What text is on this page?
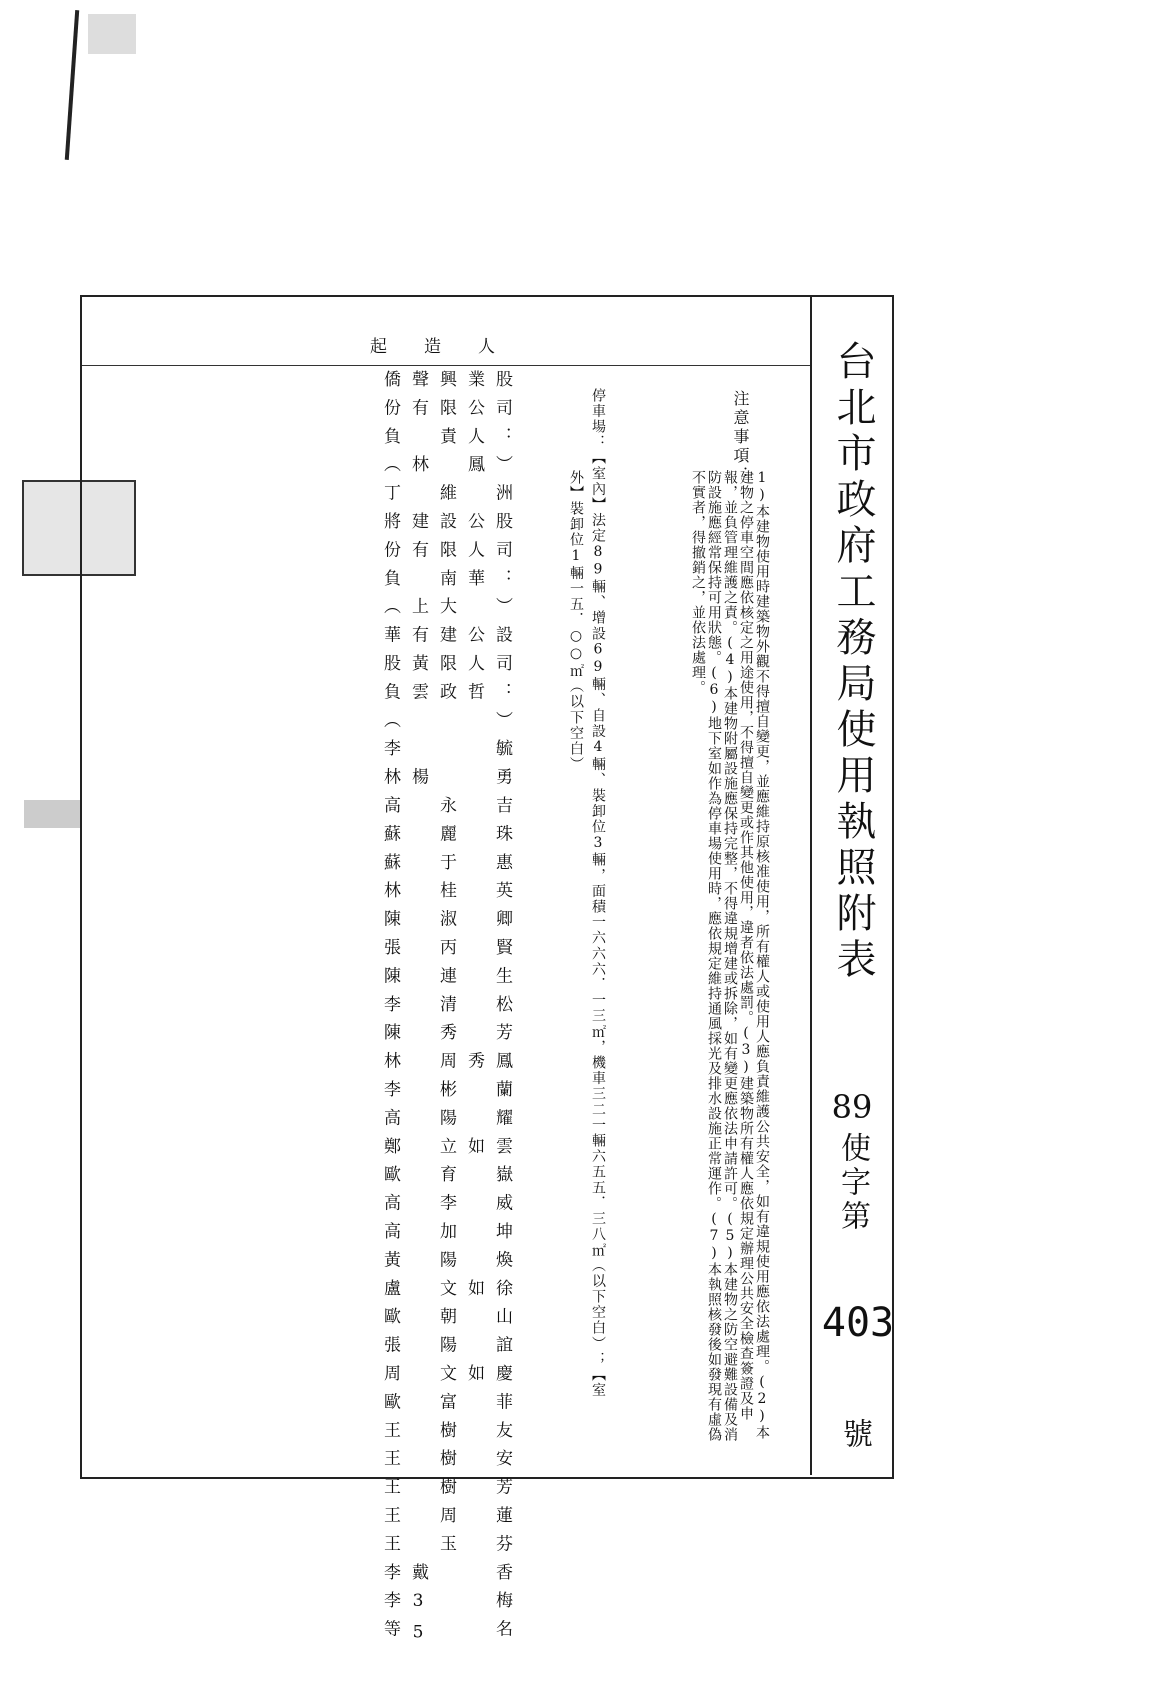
台北市政府工務局使用執照附表
89
使字第
403
號
注意事項：
1)本建物使用時建築物外觀不得擅自變更，並應維持原核准使用，所有權人或使用人應負責維護公共安全，如有違規使用應依法處理。(2)本建物之停車空間應依核定之用途使用，不得擅自變更或作其他使用，違者依法處罰。(3)建築物所有權人應依規定辦理公共安全檢查簽證及申報，並負管理維護之責。(4)本建物附屬設施應保持完整，不得違規增建或拆除，如有變更應依法申請許可。(5)本建物之防空避難設備及消防設施應經常保持可用狀態。(6)地下室如作為停車場使用時，應依規定維持通風採光及排水設施正常運作。(7)本執照核發後如發現有虛偽不實者，得撤銷之，並依法處理。
停車場：【室內】法定89輛、增設69輛、自設4輛、裝卸位3輛，面積一六六六．一三㎡，機車三二一輛六五五．三八㎡（以下空白）；【室
外】裝卸位1輛一五．○○㎡（以下空白）
起　造　人
股司：）洲股司：）設司：）毓勇吉珠惠英卿賢生松芳鳳蘭耀雲嶽威坤煥徐山誼慶菲友安芳蓮芬香梅名
業公人鳳　公人華　公人哲　　　　　　　　　　　　秀　　如　　　　如　　如　　　　　　　　　　
興限責　維設限南大建限政　　　永麗于桂淑丙連清秀周彬陽立育李加陽文朝陽文富樹樹樹周玉　　
聲有　林　建有　上有黃雲　　楊　　　　　　　　　　　　　　　　　　　　　　　　　　　戴35
僑份負（丁將份負（華股負（李林高蘇蘇林陳張陳李陳林李高鄭歐高高黃盧歐張周歐王王王王王李李等
